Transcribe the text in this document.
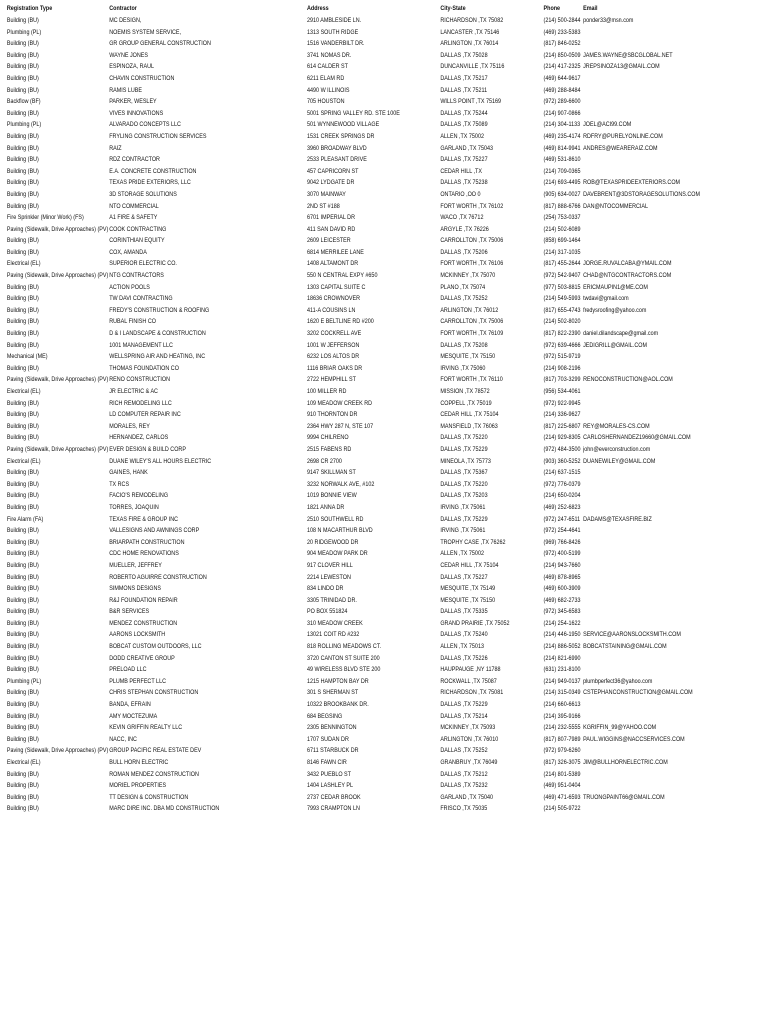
Registration Type	Contractor	Address	City-State	Phone	Email
Building (BU)	MC DESIGN,	2910 AMBLESIDE LN.	RICHARDSON ,TX 75082	(214) 500-2844 ponder33@msn.com
Plumbing (PL)	NOEMIS SYSTEM SERVICE,	1313 SOUTH RIDGE	LANCASTER ,TX 75146	(469) 233-5383
Building (BU)	GR GROUP GENERAL CONSTRUCTION	1516 VANDERBILT DR.	ARLINGTON ,TX 76014	(817) 846-0252
Building (BU)	WAYNE JONES	3741 NOMAS DR.	DALLAS ,TX 75028	(214) 850-0509 JAMES.WAYNE@SBCGLOBAL.NET
Building (BU)	ESPINOZA, RAUL	614 CALDER ST	DUNCANVILLE ,TX 75116	(214) 417-2325 JREPSINOZA13@GMAIL.COM
Building (BU)	CHAVIN CONSTRUCTION	6211 ELAM RD	DALLAS ,TX 75217	(469) 644-9617
Building (BU)	RAMIS LUBE	4490 W ILLINOIS	DALLAS ,TX 75211	(469) 288-8484
Backflow (BF)	PARKER, WESLEY	705 HOUSTON	WILLS POINT ,TX 75169	(972) 289-6600
Building (BU)	VIVES INNOVATIONS	5001 SPRING VALLEY RD. STE 100E	DALLAS ,TX 75244	(214) 907-0866
Plumbing (PL)	ALVARADO CONCEPTS LLC	501 WYNNEWOOD VILLAGE	DALLAS ,TX 75089	(214) 304-1133 JOEL@ACI99.COM
Building (BU)	FRYLING CONSTRUCTION SERVICES	1531 CREEK SPRINGS DR	ALLEN ,TX 75002	(469) 235-4174 RDFRY@PURELYONLINE.COM
Building (BU)	RAIZ	3960 BROADWAY BLVD	GARLAND ,TX 75043	(469) 814-9941 ANDRES@WEARERAIZ.COM
Building (BU)	RDZ CONTRACTOR	2533 PLEASANT DRIVE	DALLAS ,TX 75227	(469) 531-8610
Building (BU)	E.A. CONCRETE CONSTRUCTION	457 CAPRICORN ST	CEDAR HILL ,TX	(214) 709-0365
Building (BU)	TEXAS PRIDE EXTERIORS, LLC	9042 LYDGATE DR	DALLAS ,TX 75238	(214) 693-4495 ROB@TEXASPRIDEEXTERIORS.COM
Building (BU)	3D STORAGE SOLUTIONS	3070 MAINWAY	ONTARIO ,OO 0	(905) 634-0027 DAVEBRENT@3DSTORAGESOLUTIONS.COM
Building (BU)	NTO COMMERCIAL	2ND ST #188	FORT WORTH ,TX 76102	(817) 888-6766 DAN@NTOCOMMERCIAL
Fire Sprinkler (Minor Work) (FS)	A1 FIRE & SAFETY	6701 IMPERIAL DR	WACO ,TX 76712	(254) 753-0337
Paving (Sidewalk, Drive Approaches) (PV) COOK CONTRACTING	411 SAN DAVID RD	ARGYLE ,TX 76226	(214) 502-6089
Building (BU)	CORINTHIAN EQUITY	2609 LEICESTER	CARROLLTON ,TX 75006	(858) 699-1464
Building (BU)	COX, AMANDA	6814 MERRILEE LANE	DALLAS ,TX 75206	(214) 317-1035
Electrical (EL)	SUPERIOR ELECTRIC CO.	1408 ALTAMONT DR	FORT WORTH ,TX 76106	(817) 455-2644 JORGE.RUVALCABA@YMAIL.COM
Paving (Sidewalk, Drive Approaches) (PV) NTG CONTRACTORS	550 N CENTRAL EXPY #650	MCKINNEY ,TX 75070	(972) 542-9407 CHAD@NTGCONTRACTORS.COM
Building (BU)	ACTION POOLS	1303 CAPITAL SUITE C	PLANO ,TX 75074	(977) 503-8815 ERICMAUPIN1@ME.COM
Building (BU)	TW DAVI CONTRACTING	18636 CROWNOVER	DALLAS ,TX 75252	(214) 549-5993 twdavi@gmail.com
Building (BU)	FREDY'S CONSTRUCTION & ROOFING	411-A COUSINS LN	ARLINGTON ,TX 76012	(817) 655-4743 fredysroofing@yahoo.com
Building (BU)	RUBAL FINISH CO	1620 E BELTLINE RD #200	CARROLLTON ,TX 75006	(214) 502-8020
Building (BU)	D & I LANDSCAPE & CONSTRUCTION	3202 COCKRELL AVE	FORT WORTH ,TX 76109	(817) 822-2390 daniel.dilandscape@gmail.com
Building (BU)	1001 MANAGEMENT LLC	1001 W JEFFERSON	DALLAS ,TX 75208	(972) 639-4666 JEDIGRILL@GMAIL.COM
Mechanical (ME)	WELLSPRING AIR AND HEATING, INC	6232 LOS ALTOS DR	MESQUITE ,TX 75150	(972) 515-9719
Building (BU)	THOMAS FOUNDATION CO	1116 BRIAR OAKS DR	IRVING ,TX 75060	(214) 908-2196
Paving (Sidewalk, Drive Approaches) (PV) RENO CONSTRUCTION	2722 HEMPHILL ST	FORT WORTH ,TX 76110	(817) 703-3299 RENOCONSTRUCTION@AOL.COM
Electrical (EL)	JR ELECTRIC & AC	100 MILLER RD	MISSION ,TX 78572	(956) 534-4061
Building (BU)	RICH REMODELING LLC	109 MEADOW CREEK RD	COPPELL ,TX 75019	(972) 922-9945
Building (BU)	LD COMPUTER REPAIR INC	910 THORNTON DR	CEDAR HILL ,TX 75104	(214) 336-9627
Building (BU)	MORALES, REY	2364 HWY 287 N, STE 107	MANSFIELD ,TX 76063	(817) 225-6807 REY@MORALES-CS.COM
Building (BU)	HERNANDEZ, CARLOS	9994 CHILRENO	DALLAS ,TX 75220	(214) 929-8305 CARLOSHERNANDEZ19660@GMAIL.COM
Paving (Sidewalk, Drive Approaches) (PV) EVER DESIGN & BUILD CORP	2515 FABENS RD	DALLAS ,TX 75229	(972) 484-3500 john@everconstruction.com
Electrical (EL)	DUANE WILEY'S ALL HOURS ELECTRIC	2698 CR 2700	MINEOLA ,TX 75773	(903) 360-5252 DUANEWILEY@GMAIL.COM
Building (BU)	GAINES, HANK	9147 SKILLMAN ST	DALLAS ,TX 75367	(214) 637-1515
Building (BU)	TX RCS	3232 NORWALK AVE, #102	DALLAS ,TX 75220	(972) 776-0379
Building (BU)	FACIO'S REMODELING	1019 BONNIE VIEW	DALLAS ,TX 75203	(214) 650-0204
Building (BU)	TORRES, JOAQUIN	1821 ANNA DR	IRVING ,TX 75061	(469) 252-6823
Fire Alarm (FA)	TEXAS FIRE & GROUP INC	2510 SOUTHWELL RD	DALLAS ,TX 75229	(972) 247-6511 DADAMS@TEXASFIRE.BIZ
Building (BU)	VALLESIGNS AND AWNINGS CORP	108 N MACARTHUR BLVD	IRVING ,TX 75061	(972) 254-4641
Building (BU)	BRIARPATH CONSTRUCTION	20 RIDGEWOOD DR	TROPHY CASE ,TX 76262	(969) 766-8426
Building (BU)	CDC HOME RENOVATIONS	904 MEADOW PARK DR	ALLEN ,TX 75002	(972) 400-5199
Building (BU)	MUELLER, JEFFREY	917 CLOVER HILL	CEDAR HILL ,TX 75104	(214) 943-7660
Building (BU)	ROBERTO AGUIRRE CONSTRUCTION	2214 LEWESTON	DALLAS ,TX 75227	(469) 878-8965
Building (BU)	SIMMONS DESIGNS	834 LINDO DR	MESQUITE ,TX 75149	(469) 600-3909
Building (BU)	R&J FOUNDATION REPAIR	3305 TRINIDAD DR.	MESQUITE ,TX 75150	(469) 682-2733
Building (BU)	B&R SERVICES	PO BOX 551824	DALLAS ,TX 75335	(972) 345-6583
Building (BU)	MENDEZ CONSTRUCTION	310 MEADOW CREEK	GRAND PRAIRIE ,TX 75052	(214) 254-1622
Building (BU)	AARONS LOCKSMITH	13021 COIT RD #232	DALLAS ,TX 75240	(214) 446-1950 SERVICE@AARONSLOCKSMITH.COM
Building (BU)	BOBCAT CUSTOM OUTDOORS, LLC	818 ROLLING MEADOWS CT.	ALLEN ,TX 75013	(214) 886-5052 BOBCATSTAINING@GMAIL.COM
Building (BU)	DODD CREATIVE GROUP	3720 CANTON ST SUITE 200	DALLAS ,TX 75226	(214) 821-6990
Building (BU)	PRELOAD LLC	49 WIRELESS BLVD STE 200	HAUPPAUGE ,NY 11788	(631) 231-8100
Plumbing (PL)	PLUMB PERFECT LLC	1215 HAMPTON BAY DR	ROCKWALL ,TX 75087	(214) 949-0137 plumbperfect36@yahoo.com
Building (BU)	CHRIS STEPHAN CONSTRUCTION	301 S SHERMAN ST	RICHARDSON ,TX 75081	(214) 315-0349 CSTEPHANCONSTRUCTION@GMAIL.COM
Building (BU)	BANDA, EFRAIN	10322 BROOKBANK DR.	DALLAS ,TX 75229	(214) 660-6613
Building (BU)	AMY MOCTEZUMA	684 BEGSING	DALLAS ,TX 75214	(214) 395-9166
Building (BU)	KEVIN GRIFFIN REALTY LLC	2305 BENNINGTON	MCKINNEY ,TX 75093	(214) 232-5555 KGRIFFIN_99@YAHOO.COM
Building (BU)	NACC, INC	1707 SUDAN DR	ARLINGTON ,TX 76010	(817) 807-7989 PAUL.WIGGINS@NACCSERVICES.COM
Paving (Sidewalk, Drive Approaches) (PV) GROUP PACIFIC REAL ESTATE DEV	6711 STARBUCK DR	DALLAS ,TX 75252	(972) 979-6260
Electrical (EL)	BULL HORN ELECTRIC	8146 FAWN CIR	GRANBRUY ,TX 76049	(817) 326-3075 JIM@BULLHORNELECTRIC.COM
Building (BU)	ROMAN MENDEZ CONSTRUCTION	3432 PUEBLO ST	DALLAS ,TX 75212	(214) 801-5389
Building (BU)	MORIEL PROPERTIES	1404 LASHLEY PL	DALLAS ,TX 75232	(469) 951-0404
Building (BU)	TT DESIGN & CONSTRUCTION	2737 CEDAR BROOK	GARLAND ,TX 75040	(469) 471-6593 TRUONGPAINT66@GMAIL.COM
Building (BU)	MARC DIRE INC. DBA MD CONSTRUCTION	7993 CRAMPTON LN	FRISCO ,TX 75035	(214) 505-9722
